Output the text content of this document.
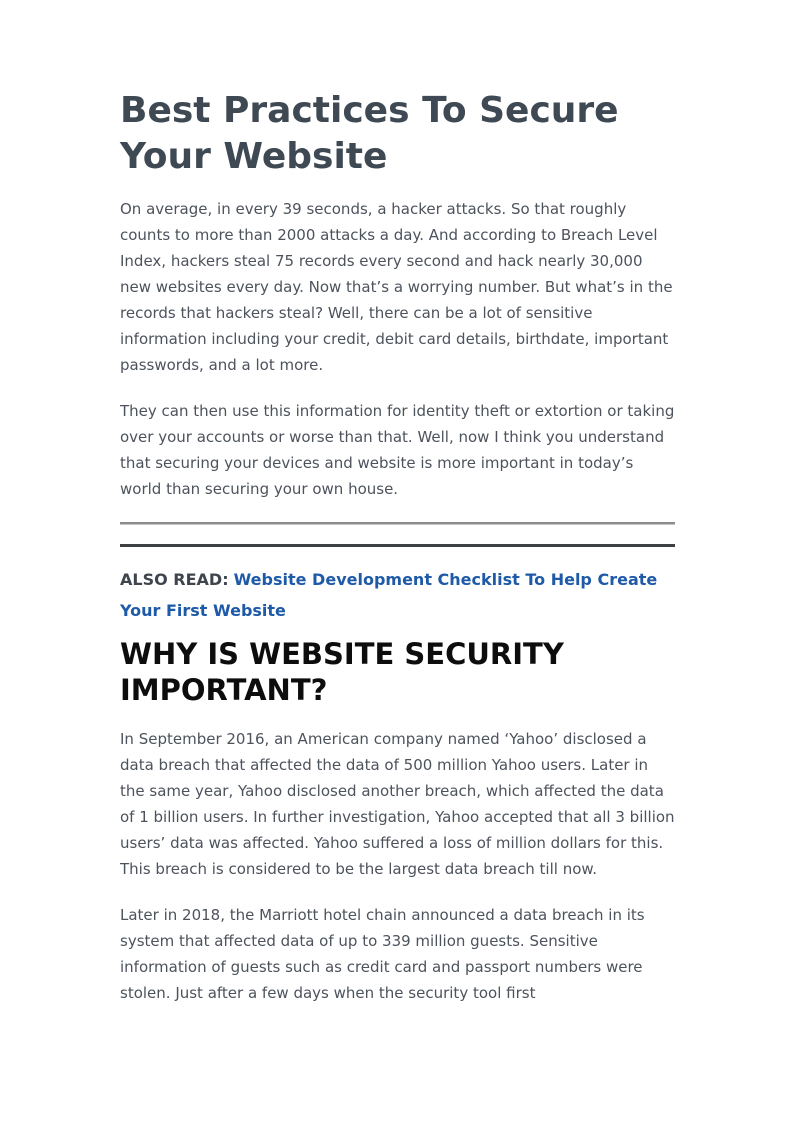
Best Practices To Secure Your Website

On average, in every 39 seconds, a hacker attacks. So that roughly counts to more than 2000 attacks a day. And according to Breach Level Index, hackers steal 75 records every second and hack nearly 30,000 new websites every day. Now that’s a worrying number. But what’s in the records that hackers steal? Well, there can be a lot of sensitive information including your credit, debit card details, birthdate, important passwords, and a lot more.

They can then use this information for identity theft or extortion or taking over your accounts or worse than that. Well, now I think you understand that securing your devices and website is more important in today’s world than securing your own house.

ALSO READ: Website Development Checklist To Help Create Your First Website

WHY IS WEBSITE SECURITY IMPORTANT?

In September 2016, an American company named ‘Yahoo’ disclosed a data breach that affected the data of 500 million Yahoo users. Later in the same year, Yahoo disclosed another breach, which affected the data of 1 billion users. In further investigation, Yahoo accepted that all 3 billion users’ data was affected. Yahoo suffered a loss of million dollars for this. This breach is considered to be the largest data breach till now.

Later in 2018, the Marriott hotel chain announced a data breach in its system that affected data of up to 339 million guests. Sensitive information of guests such as credit card and passport numbers were stolen. Just after a few days when the security tool first
